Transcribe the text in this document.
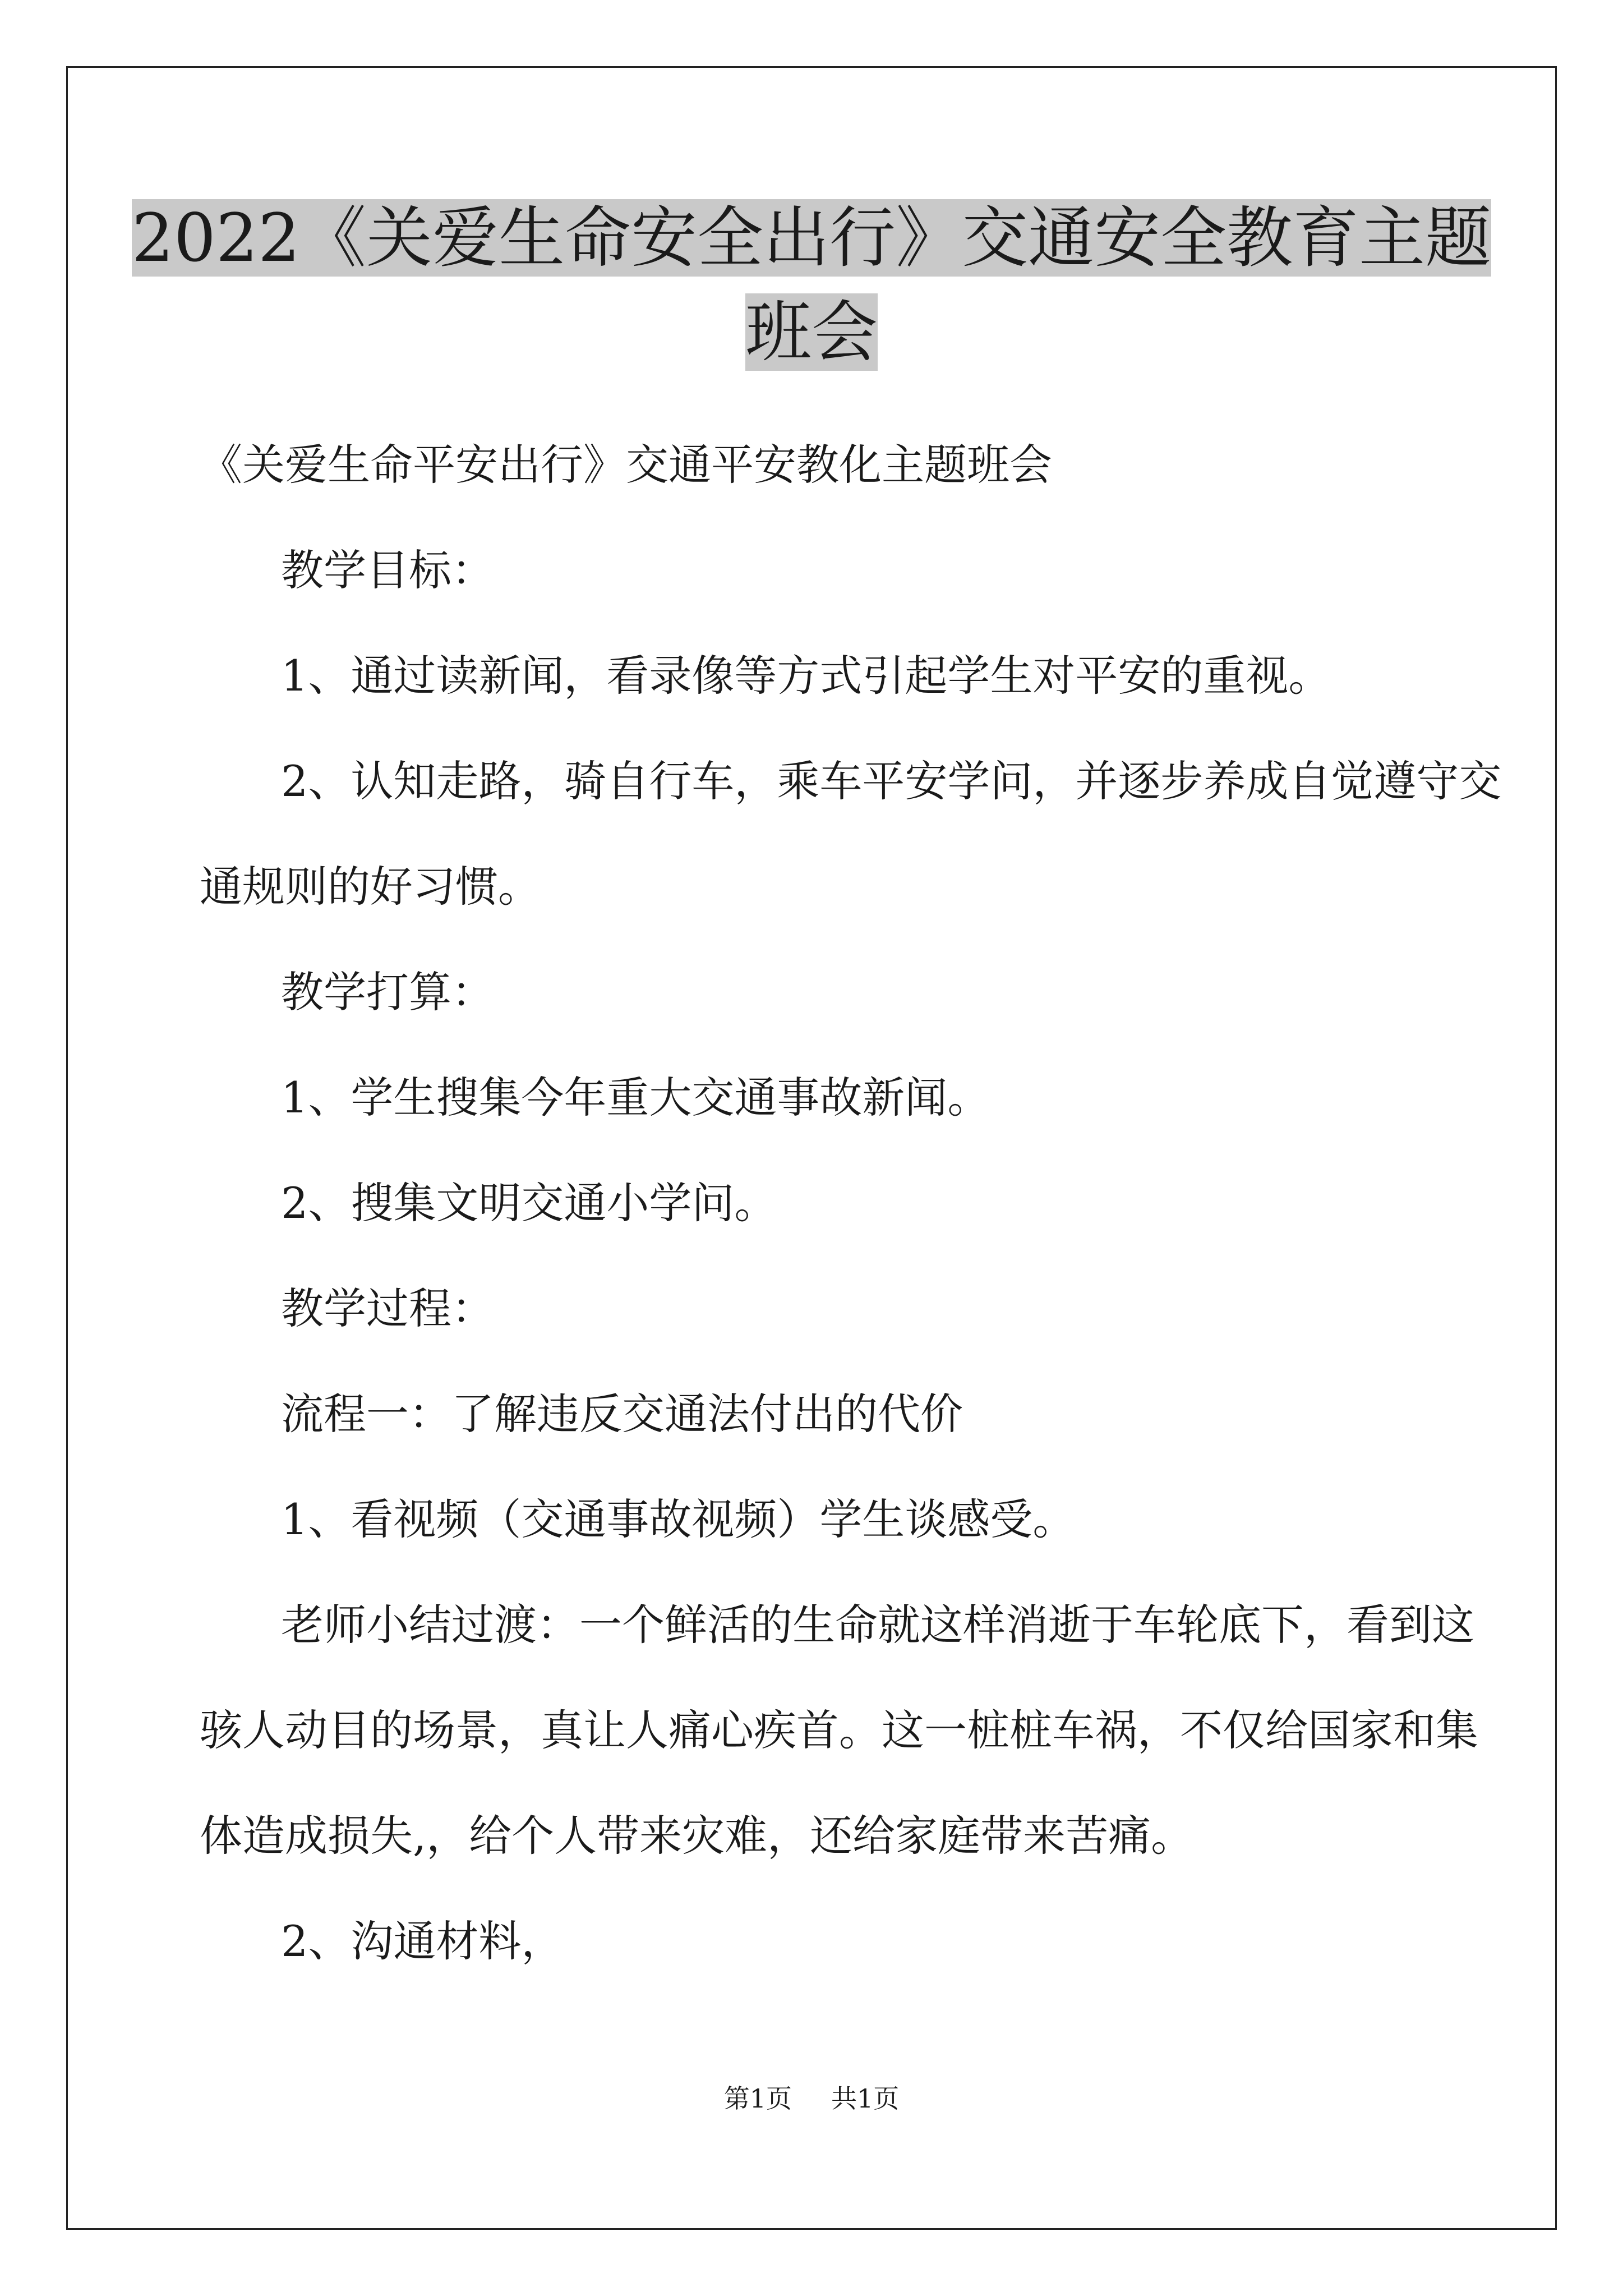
2022《关爱生命安全出行》交通安全教育主题
班会

《关爱生命平安出行》交通平安教化主题班会

教学目标：

1、通过读新闻，看录像等方式引起学生对平安的重视。

2、认知走路，骑自行车，乘车平安学问，并逐步养成自觉遵守交

通规则的好习惯。

教学打算：

1、学生搜集今年重大交通事故新闻。

2、搜集文明交通小学问。

教学过程：

流程一：了解违反交通法付出的代价

1、看视频（交通事故视频）学生谈感受。

老师小结过渡：一个鲜活的生命就这样消逝于车轮底下，看到这

骇人动目的场景，真让人痛心疾首。这一桩桩车祸，不仅给国家和集

体造成损失,，给个人带来灾难，还给家庭带来苦痛。

2、沟通材料，

第1页 共1页
